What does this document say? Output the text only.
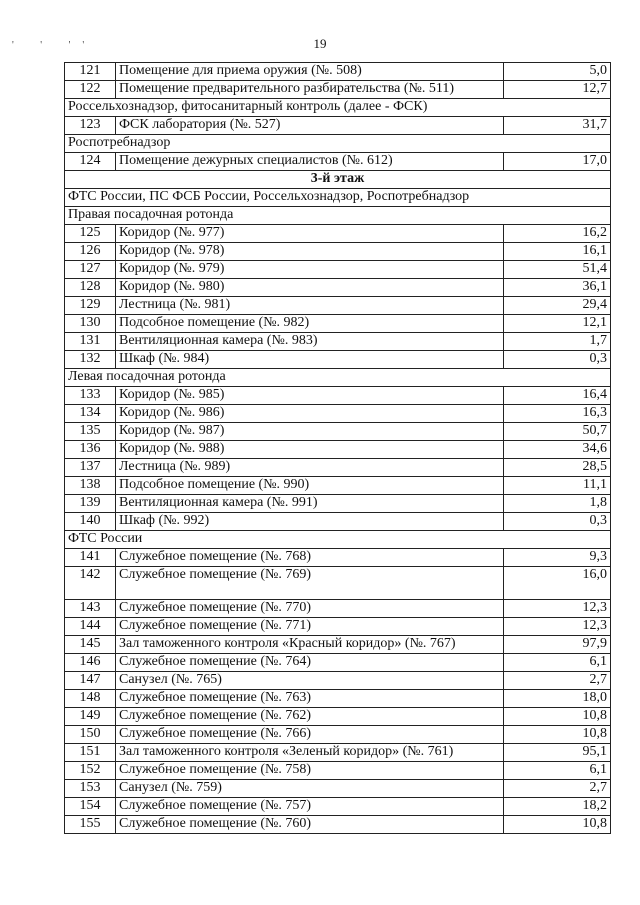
' ' ''	19
121	Помещение для приема оружия (№. 508)	5,0
122	Помещение предварительного разбирательства (№. 511)	12,7
Россельхознадзор, фитосанитарный контроль (далее - ФСК)		
123	ФСК лаборатория (№. 527)	31,7
Роспотребнадзор		
124	Помещение дежурных специалистов (№. 612)	17,0
3-й этаж		
ФТС России, ПС ФСБ России, Россельхознадзор, Роспотребнадзор		
Правая посадочная ротонда		
125	Коридор (№. 977)	16,2
126	Коридор (№. 978)	16,1
127	Коридор (№. 979)	51,4
128	Коридор (№. 980)	36,1
129	Лестница (№. 981)	29,4
130	Подсобное помещение (№. 982)	12,1
131	Вентиляционная камера (№. 983)	1,7
132	Шкаф (№. 984)	0,3
Левая посадочная ротонда		
133	Коридор (№. 985)	16,4
134	Коридор (№. 986)	16,3
135	Коридор (№. 987)	50,7
136	Коридор (№. 988)	34,6
137	Лестница (№. 989)	28,5
138	Подсобное помещение (№. 990)	11,1
139	Вентиляционная камера (№. 991)	1,8
140	Шкаф (№. 992)	0,3
ФТС России		
141	Служебное помещение (№. 768)	9,3
142	Служебное помещение (№. 769)	16,0
143	Служебное помещение (№. 770)	12,3
144	Служебное помещение (№. 771)	12,3
145	Зал таможенного контроля «Красный коридор» (№. 767)	97,9
146	Служебное помещение (№. 764)	6,1
147	Санузел (№. 765)	2,7
148	Служебное помещение (№. 763)	18,0
149	Служебное помещение (№. 762)	10,8
150	Служебное помещение (№. 766)	10,8
151	Зал таможенного контроля «Зеленый коридор» (№. 761)	95,1
152	Служебное помещение (№. 758)	6,1
153	Санузел (№. 759)	2,7
154	Служебное помещение (№. 757)	18,2
155	Служебное помещение (№. 760)	10,8
